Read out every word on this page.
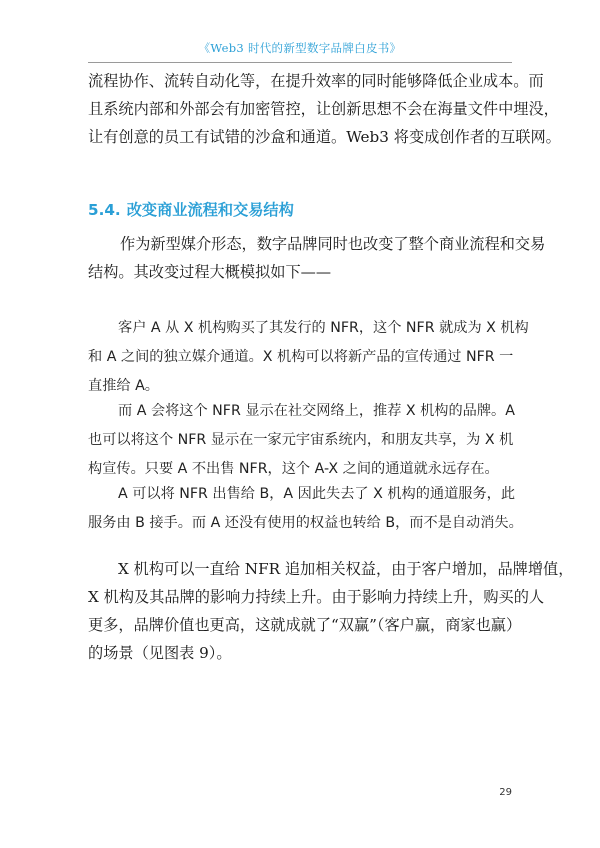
《Web3 时代的新型数字品牌白皮书》
流程协作、流转自动化等，在提升效率的同时能够降低企业成本。而
且系统内部和外部会有加密管控，让创新思想不会在海量文件中埋没，
让有创意的员工有试错的沙盒和通道。Web3 将变成创作者的互联网。
5.4. 改变商业流程和交易结构
作为新型媒介形态，数字品牌同时也改变了整个商业流程和交易
结构。其改变过程大概模拟如下——
客户 A 从 X 机构购买了其发行的 NFR，这个 NFR 就成为 X 机构
和 A 之间的独立媒介通道。X 机构可以将新产品的宣传通过 NFR 一
直推给 A。
而 A 会将这个 NFR 显示在社交网络上，推荐 X 机构的品牌。A
也可以将这个 NFR 显示在一家元宇宙系统内，和朋友共享，为 X 机
构宣传。只要 A 不出售 NFR，这个 A-X 之间的通道就永远存在。
A 可以将 NFR 出售给 B，A 因此失去了 X 机构的通道服务，此
服务由 B 接手。而 A 还没有使用的权益也转给 B，而不是自动消失。
X 机构可以一直给 NFR 追加相关权益，由于客户增加，品牌增值，
X 机构及其品牌的影响力持续上升。由于影响力持续上升，购买的人
更多，品牌价值也更高，这就成就了“双赢”（客户赢，商家也赢）
的场景（见图表 9）。
29
